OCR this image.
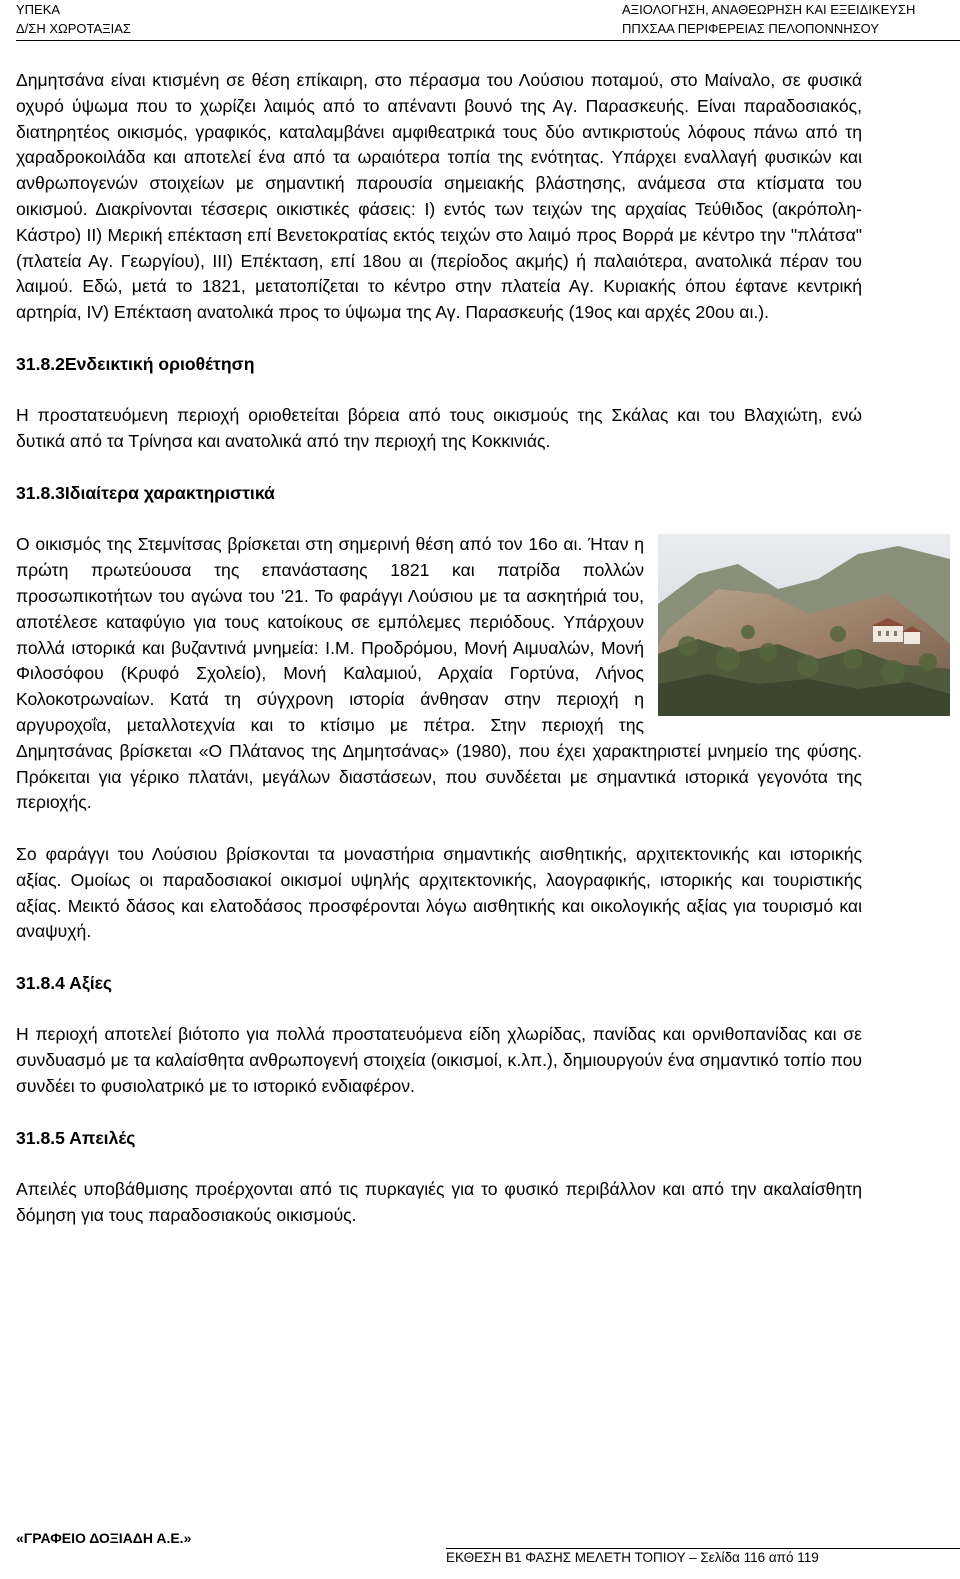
ΥΠΕΚΑ
Δ/ΣΗ ΧΩΡΟΤΑΞΙΑΣ
ΑΞΙΟΛΟΓΗΣΗ, ΑΝΑΘΕΩΡΗΣΗ ΚΑΙ ΕΞΕΙΔΙΚΕΥΣΗ
ΠΠΧΣΑΑ ΠΕΡΙΦΕΡΕΙΑΣ ΠΕΛΟΠΟΝΝΗΣΟΥ

Δημητσάνα είναι κτισμένη σε θέση επίκαιρη, στο πέρασμα του Λούσιου ποταμού, στο Μαίναλο, σε φυσικά οχυρό ύψωμα που το χωρίζει λαιμός από το απέναντι βουνό της Αγ. Παρασκευής. Είναι παραδοσιακός, διατηρητέος οικισμός, γραφικός, καταλαμβάνει αμφιθεατρικά τους δύο αντικριστούς λόφους πάνω από τη χαραδροκοιλάδα και αποτελεί ένα από τα ωραιότερα τοπία της ενότητας. Υπάρχει εναλλαγή φυσικών και ανθρωπογενών στοιχείων με σημαντική παρουσία σημειακής βλάστησης, ανάμεσα στα κτίσματα του οικισμού. Διακρίνονται τέσσερις οικιστικές φάσεις: Ι) εντός των τειχών της αρχαίας Τεύθιδος (ακρόπολη-Κάστρο) ΙΙ) Μερική επέκταση επί Βενετοκρατίας εκτός τειχών στο λαιμό προς Βορρά με κέντρο την "πλάτσα" (πλατεία Αγ. Γεωργίου), ΙΙΙ) Επέκταση, επί 18ου αι (περίοδος ακμής) ή παλαιότερα, ανατολικά πέραν του λαιμού. Εδώ, μετά το 1821, μετατοπίζεται το κέντρο στην πλατεία Αγ. Κυριακής όπου έφτανε κεντρική αρτηρία, ΙV) Επέκταση ανατολικά προς το ύψωμα της Αγ. Παρασκευής (19ος και αρχές 20ου αι.).

31.8.2Ενδεικτική οριοθέτηση

Η προστατευόμενη περιοχή οριοθετείται βόρεια από τους οικισμούς της Σκάλας και του Βλαχιώτη, ενώ δυτικά από τα Τρίνησα και ανατολικά από την περιοχή της Κοκκινιάς.

31.8.3Ιδιαίτερα χαρακτηριστικά

Ο οικισμός της Στεμνίτσας βρίσκεται στη σημερινή θέση από τον 16ο αι. Ήταν η πρώτη πρωτεύουσα της επανάστασης 1821 και πατρίδα πολλών προσωπικοτήτων του αγώνα του '21. Το φαράγγι Λούσιου με τα ασκητήριά του, αποτέλεσε καταφύγιο για τους κατοίκους σε εμπόλεμες περιόδους. Υπάρχουν πολλά ιστορικά και βυζαντινά μνημεία: Ι.Μ. Προδρόμου, Μονή Αιμυαλών, Μονή Φιλοσόφου (Κρυφό Σχολείο), Μονή Καλαμιού, Αρχαία Γορτύνα, Λήνος Κολοκοτρωναίων. Κατά τη σύγχρονη ιστορία άνθησαν στην περιοχή η αργυροχοΐα, μεταλλοτεχνία και το κτίσιμο με πέτρα. Στην περιοχή της Δημητσάνας βρίσκεται «Ο Πλάτανος της Δημητσάνας» (1980), που έχει χαρακτηριστεί μνημείο της φύσης. Πρόκειται για γέρικο πλατάνι, μεγάλων διαστάσεων, που συνδέεται με σημαντικά ιστορικά γεγονότα της περιοχής.

Σο φαράγγι του Λούσιου βρίσκονται τα μοναστήρια σημαντικής αισθητικής, αρχιτεκτονικής και ιστορικής αξίας. Ομοίως οι παραδοσιακοί οικισμοί υψηλής αρχιτεκτονικής, λαογραφικής, ιστορικής και τουριστικής αξίας. Μεικτό δάσος και ελατοδάσος προσφέρονται λόγω αισθητικής και οικολογικής αξίας για τουρισμό και αναψυχή.

31.8.4 Αξίες

Η περιοχή αποτελεί βιότοπο για πολλά προστατευόμενα είδη χλωρίδας, πανίδας και ορνιθοπανίδας και σε συνδυασμό με τα καλαίσθητα ανθρωπογενή στοιχεία (οικισμοί, κ.λπ.), δημιουργούν ένα σημαντικό τοπίο που συνδέει το φυσιολατρικό με το ιστορικό ενδιαφέρον.

31.8.5 Απειλές

Απειλές υποβάθμισης προέρχονται από τις πυρκαγιές για το φυσικό περιβάλλον και από την ακαλαίσθητη δόμηση για τους παραδοσιακούς οικισμούς.

«ΓΡΑΦΕΙΟ ΔΟΞΙΑΔΗ Α.Ε.»
ΕΚΘΕΣΗ Β1 ΦΑΣΗΣ ΜΕΛΕΤΗ ΤΟΠΙΟΥ – Σελίδα 116 από 119
